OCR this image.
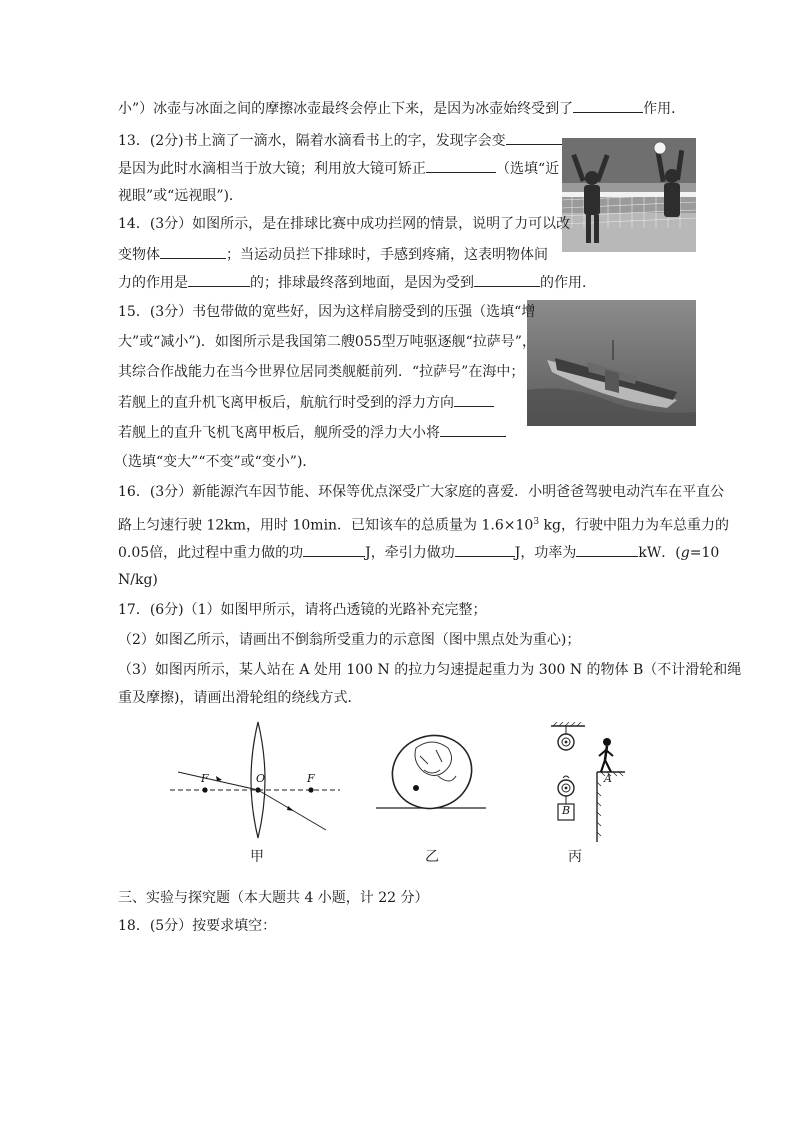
小”）冰壶与冰面之间的摩擦冰壶最终会停止下来，是因为冰壶始终受到了	作用．
13．(2分)书上滴了一滴水，隔着水滴看书上的字，发现字会变
是因为此时水滴相当于放大镜；利用放大镜可矫正	（选填“近
视眼”或“远视眼”)．
14．(3分）如图所示，是在排球比赛中成功拦网的情景，说明了力可以改
变物体	；当运动员拦下排球时，手感到疼痛，这表明物体间
力的作用是	的；排球最终落到地面，是因为受到	的作用．
15．(3分）书包带做的宽些好，因为这样肩膀受到的压强（选填“增
大”或“减小”)．如图所示是我国第二艘055型万吨驱逐舰“拉萨号”，
其综合作战能力在当今世界位居同类舰艇前列．“拉萨号”在海中；
若舰上的直升机飞离甲板后，航航行时受到的浮力方向
若舰上的直升飞机飞离甲板后，舰所受的浮力大小将
（选填“变大”“不变”或“变小”)．
16．(3分）新能源汽车因节能、环保等优点深受广大家庭的喜爱．小明爸爸驾驶电动汽车在平直公
路上匀速行驶 12km，用时 10min．已知该车的总质量为 $1.6\times 10^3$ kg，行驶中阻力为车总重力的
0.05倍，此过程中重力做的功	J，牵引力做功	J，功率为	kW．(g=10
N/kg)
17．(6分)（1）如图甲所示，请将凸透镜的光路补充完整；
（2）如图乙所示，请画出不倒翁所受重力的示意图（图中黑点处为重心)；
（3）如图丙所示，某人站在 A 处用 100 N 的拉力匀速提起重力为 300 N 的物体 B（不计滑轮和绳
重及摩擦)，请画出滑轮组的绕线方式．
F	O	F
甲	乙
A
B
丙
三、实验与探究题（本大题共 4 小题，计 22 分）
18．(5分）按要求填空：
